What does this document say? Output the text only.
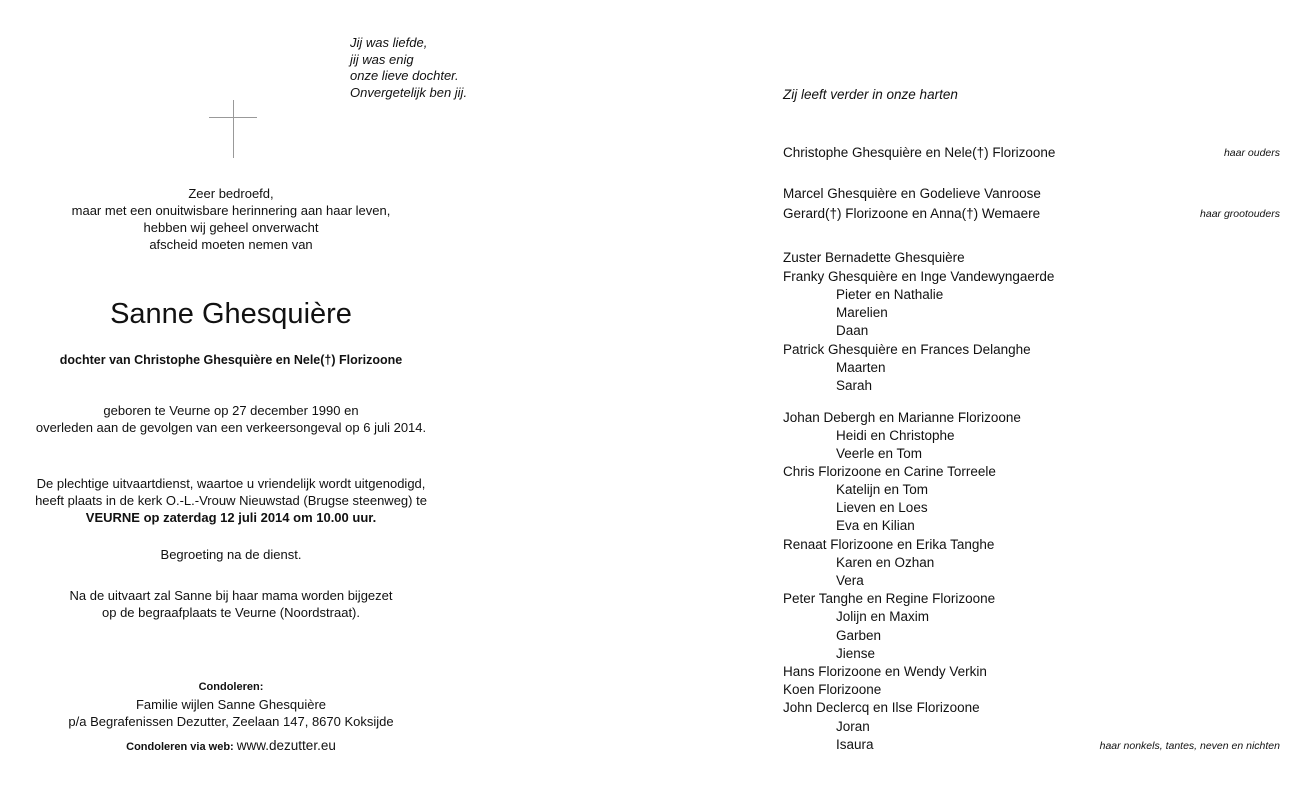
Jij was liefde,
jij was enig
onze lieve dochter.
Onvergetelijk ben jij.
Zeer bedroefd,
maar met een onuitwisbare herinnering aan haar leven,
hebben wij geheel onverwacht
afscheid moeten nemen van
Sanne Ghesquière
dochter van Christophe Ghesquière en Nele(†) Florizoone
geboren te Veurne op 27 december 1990 en
overleden aan de gevolgen van een verkeersongeval op 6 juli 2014.
De plechtige uitvaartdienst, waartoe u vriendelijk wordt uitgenodigd,
heeft plaats in de kerk O.-L.-Vrouw Nieuwstad (Brugse steenweg) te
VEURNE op zaterdag 12 juli 2014 om 10.00 uur.
Begroeting na de dienst.
Na de uitvaart zal Sanne bij haar mama worden bijgezet
op de begraafplaats te Veurne (Noordstraat).
Condoleren:
Familie wijlen Sanne Ghesquière
p/a Begrafenissen Dezutter, Zeelaan 147, 8670 Koksijde
Condoleren via web: www.dezutter.eu
Zij leeft verder in onze harten
Christophe Ghesquière en Nele(†) Florizoone	haar ouders
Marcel Ghesquière en Godelieve Vanroose
Gerard(†) Florizoone en Anna(†) Wemaere	haar grootouders
Zuster Bernadette Ghesquière
Franky Ghesquière en Inge Vandewyngaerde
Pieter en Nathalie
Marelien
Daan
Patrick Ghesquière en Frances Delanghe
Maarten
Sarah
Johan Debergh en Marianne Florizoone
Heidi en Christophe
Veerle en Tom
Chris Florizoone en Carine Torreele
Katelijn en Tom
Lieven en Loes
Eva en Kilian
Renaat Florizoone en Erika Tanghe
Karen en Ozhan
Vera
Peter Tanghe en Regine Florizoone
Jolijn en Maxim
Garben
Jiense
Hans Florizoone en Wendy Verkin
Koen Florizoone
John Declercq en Ilse Florizoone
Joran
Isaura	haar nonkels, tantes, neven en nichten
